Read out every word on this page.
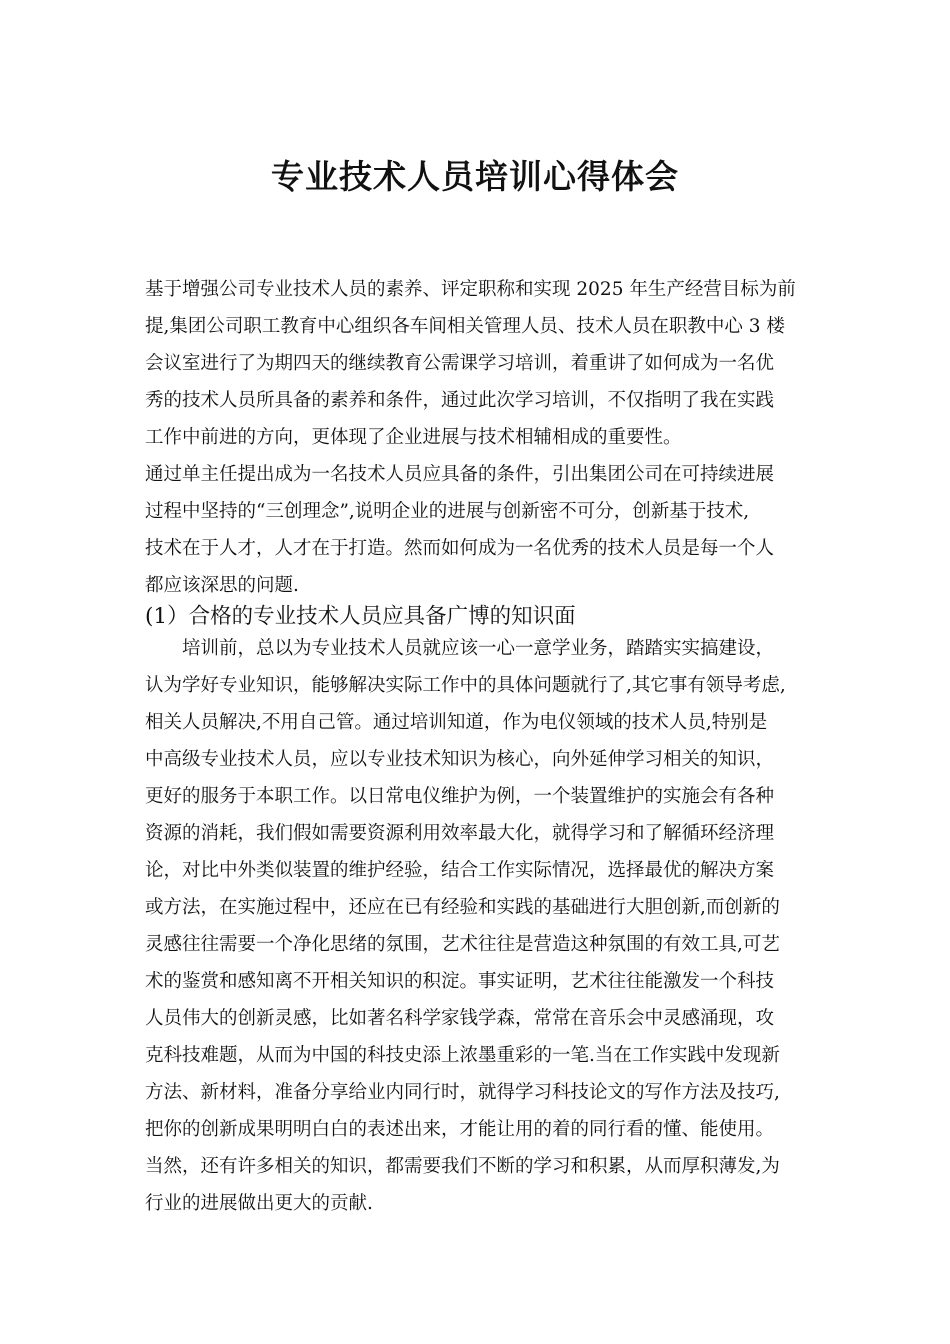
专业技术人员培训心得体会
基于增强公司专业技术人员的素养、评定职称和实现 2025 年生产经营目标为前
提,集团公司职工教育中心组织各车间相关管理人员、技术人员在职教中心 3 楼
会议室进行了为期四天的继续教育公需课学习培训，着重讲了如何成为一名优
秀的技术人员所具备的素养和条件，通过此次学习培训，不仅指明了我在实践
工作中前进的方向，更体现了企业进展与技术相辅相成的重要性。
通过单主任提出成为一名技术人员应具备的条件，引出集团公司在可持续进展
过程中坚持的“三创理念”,说明企业的进展与创新密不可分，创新基于技术,
技术在于人才，人才在于打造。然而如何成为一名优秀的技术人员是每一个人
都应该深思的问题.
(1）合格的专业技术人员应具备广博的知识面
培训前，总以为专业技术人员就应该一心一意学业务，踏踏实实搞建设，
认为学好专业知识，能够解决实际工作中的具体问题就行了,其它事有领导考虑,
相关人员解决,不用自己管。通过培训知道，作为电仪领域的技术人员,特别是
中高级专业技术人员，应以专业技术知识为核心，向外延伸学习相关的知识，
更好的服务于本职工作。以日常电仪维护为例，一个装置维护的实施会有各种
资源的消耗，我们假如需要资源利用效率最大化，就得学习和了解循环经济理
论，对比中外类似装置的维护经验，结合工作实际情况，选择最优的解决方案
或方法，在实施过程中，还应在已有经验和实践的基础进行大胆创新,而创新的
灵感往往需要一个净化思绪的氛围，艺术往往是营造这种氛围的有效工具,可艺
术的鉴赏和感知离不开相关知识的积淀。事实证明，艺术往往能激发一个科技
人员伟大的创新灵感，比如著名科学家钱学森，常常在音乐会中灵感涌现，攻
克科技难题，从而为中国的科技史添上浓墨重彩的一笔.当在工作实践中发现新
方法、新材料，准备分享给业内同行时，就得学习科技论文的写作方法及技巧,
把你的创新成果明明白白的表述出来，才能让用的着的同行看的懂、能使用。
当然，还有许多相关的知识，都需要我们不断的学习和积累，从而厚积薄发,为
行业的进展做出更大的贡献.
